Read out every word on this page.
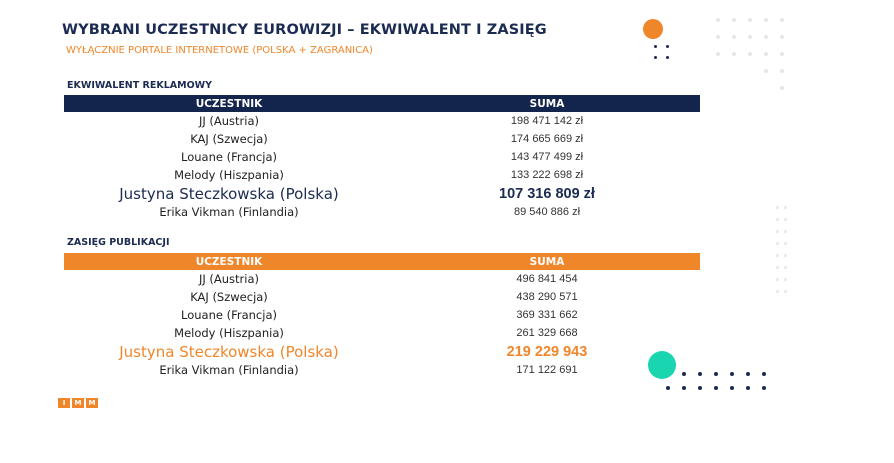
WYBRANI UCZESTNICY EUROWIZJI – EKWIWALENT I ZASIĘG
WYŁĄCZNIE PORTALE INTERNETOWE (POLSKA + ZAGRANICA)
EKWIWALENT REKLAMOWY
UCZESTNIK	SUMA
JJ (Austria)	198 471 142 zł
KAJ (Szwecja)	174 665 669 zł
Louane (Francja)	143 477 499 zł
Melody (Hiszpania)	133 222 698 zł
Justyna Steczkowska (Polska)	107 316 809 zł
Erika Vikman (Finlandia)	89 540 886 zł
ZASIĘG PUBLIKACJI
UCZESTNIK	SUMA
JJ (Austria)	496 841 454
KAJ (Szwecja)	438 290 571
Louane (Francja)	369 331 662
Melody (Hiszpania)	261 329 668
Justyna Steczkowska (Polska)	219 229 943
Erika Vikman (Finlandia)	171 122 691
I	M	M
